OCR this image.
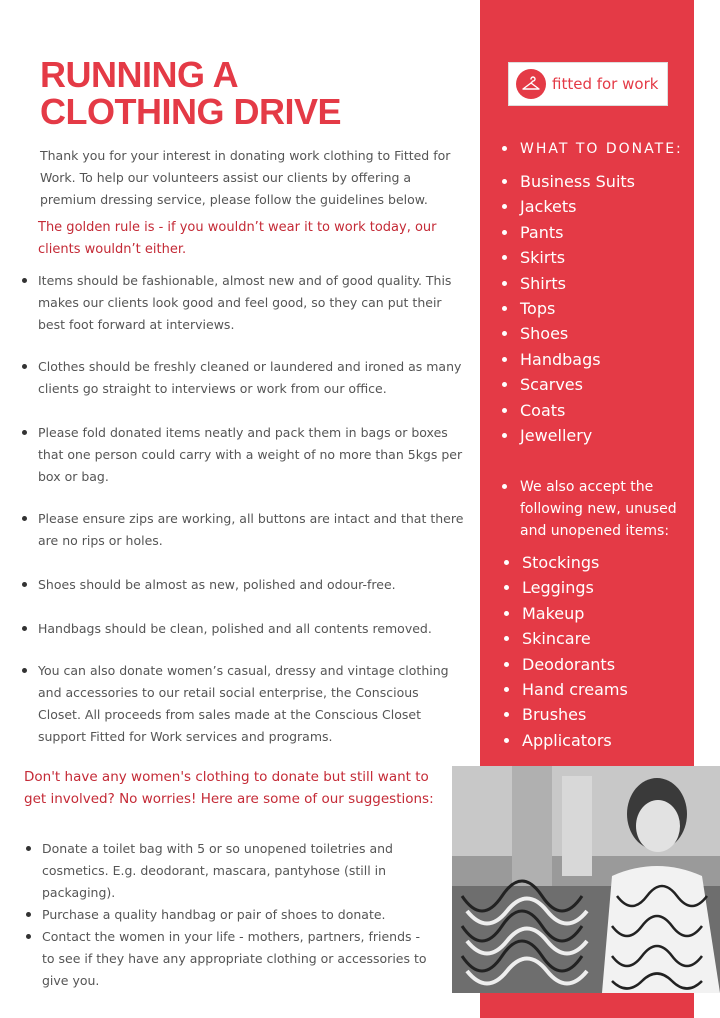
RUNNING A
CLOTHING DRIVE

Thank you for your interest in donating work clothing to Fitted for Work. To help our volunteers assist our clients by offering a premium dressing service, please follow the guidelines below.

The golden rule is - if you wouldn’t wear it to work today, our clients wouldn’t either.

Items should be fashionable, almost new and of good quality. This makes our clients look good and feel good, so they can put their best foot forward at interviews.
Clothes should be freshly cleaned or laundered and ironed as many clients go straight to interviews or work from our office.
Please fold donated items neatly and pack them in bags or boxes that one person could carry with a weight of no more than 5kgs per box or bag.
Please ensure zips are working, all buttons are intact and that there are no rips or holes.
Shoes should be almost as new, polished and odour-free.
Handbags should be clean, polished and all contents removed.
You can also donate women’s casual, dressy and vintage clothing and accessories to our retail social enterprise, the Conscious Closet. All proceeds from sales made at the Conscious Closet support Fitted for Work services and programs.

Don't have any women's clothing to donate but still want to get involved? No worries! Here are some of our suggestions:

Donate a toilet bag with 5 or so unopened toiletries and cosmetics. E.g. deodorant, mascara, pantyhose (still in packaging).
Purchase a quality handbag or pair of shoes to donate.
Contact the women in your life - mothers, partners, friends - to see if they have any appropriate clothing or accessories to give you.
fitted for work
WHAT TO DONATE:
Business Suits
Jackets
Pants
Skirts
Shirts
Tops
Shoes
Handbags
Scarves
Coats
Jewellery
We also accept the following new, unused and unopened items:
Stockings
Leggings
Makeup
Skincare
Deodorants
Hand creams
Brushes
Applicators
